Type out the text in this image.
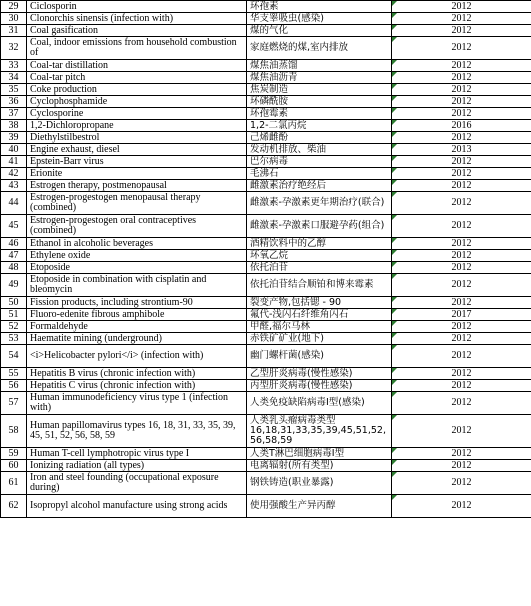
29	Ciclosporin	环孢素	2012
30	Clonorchis sinensis (infection with)	华支睾吸虫(感染)	2012
31	Coal gasification	煤的气化	2012
32	Coal, indoor emissions from household combustion of	家庭燃烧的煤,室内排放	2012
33	Coal-tar distillation	煤焦油蒸馏	2012
34	Coal-tar pitch	煤焦油沥青	2012
35	Coke production	焦炭制造	2012
36	Cyclophosphamide	环磷酰胺	2012
37	Cyclosporine	环孢霉素	2012
38	1,2-Dichloropropane	1,2-二氯丙烷	2016
39	Diethylstilbestrol	己烯雌酚	2012
40	Engine exhaust, diesel	发动机排放、柴油	2013
41	Epstein-Barr virus	巴尔病毒	2012
42	Erionite	毛沸石	2012
43	Estrogen therapy, postmenopausal	雌激素治疗绝经后	2012
44	Estrogen-progestogen menopausal therapy (combined)	雌激素-孕激素更年期治疗(联合)	2012
45	Estrogen-progestogen oral contraceptives (combined)	雌激素-孕激素口服避孕药(组合)	2012
46	Ethanol in alcoholic beverages	酒精饮料中的乙醇	2012
47	Ethylene oxide	环氧乙烷	2012
48	Etoposide	依托泊苷	2012
49	Etoposide in combination with cisplatin and bleomycin	依托泊苷结合顺铂和博来霉素	2012
50	Fission products, including strontium-90	裂变产物,包括锶 - 90	2012
51	Fluoro-edenite fibrous amphibole	氟代-浅闪石纤维角闪石	2017
52	Formaldehyde	甲醛,福尔马林	2012
53	Haematite mining (underground)	赤铁矿矿业(地下)	2012
54	<i>Helicobacter pylori</i> (infection with)	幽门螺杆菌(感染)	2012
55	Hepatitis B virus (chronic infection with)	乙型肝炎病毒(慢性感染)	2012
56	Hepatitis C virus (chronic infection with)	丙型肝炎病毒(慢性感染)	2012
57	Human immunodeficiency virus type 1 (infection with)	人类免疫缺陷病毒I型(感染)	2012
58	Human papillomavirus types 16, 18, 31, 33, 35, 39, 45, 51, 52, 56, 58, 59	人类乳头瘤病毒类型16,18,31,33,35,39,45,51,52,56,58,59	2012
59	Human T-cell lymphotropic virus type I	人类T淋巴细胞病毒I型	2012
60	Ionizing radiation (all types)	电离辐射(所有类型)	2012
61	Iron and steel founding (occupational exposure during)	钢铁铸造(职业暴露)	2012
62	Isopropyl alcohol manufacture using strong acids	使用强酸生产异丙醇	2012
